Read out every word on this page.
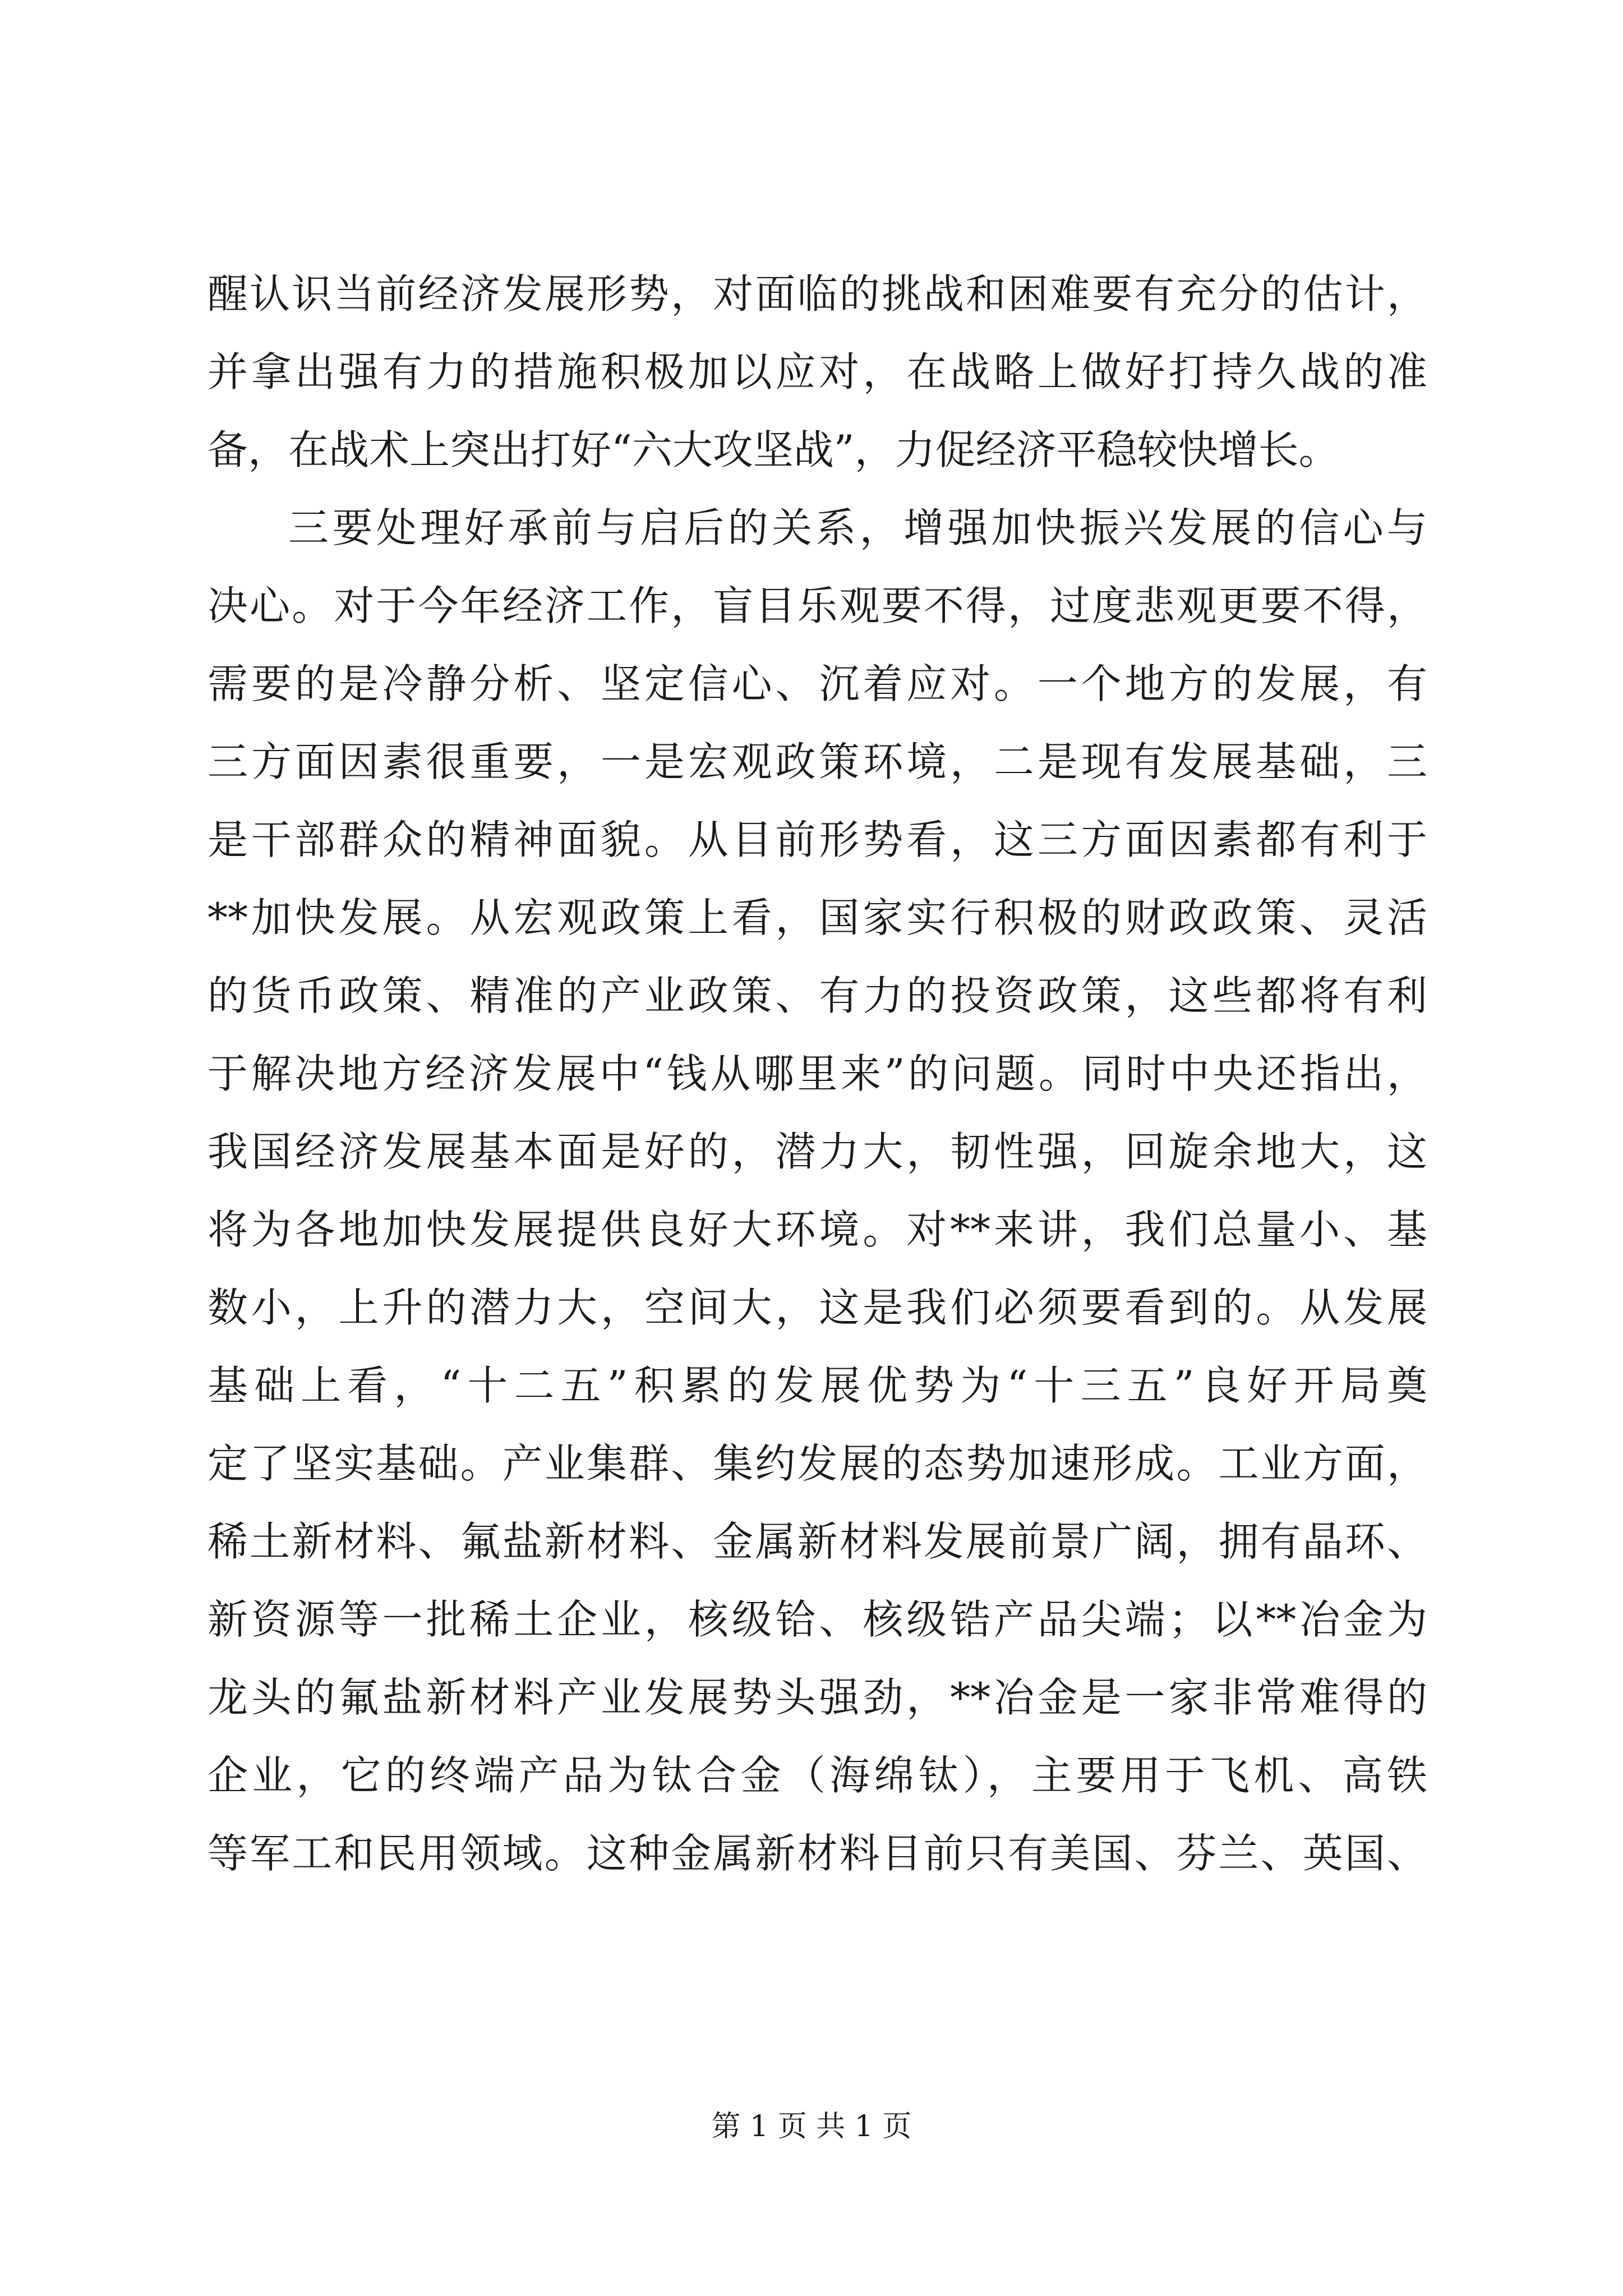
醒认识当前经济发展形势，对面临的挑战和困难要有充分的估计，
并拿出强有力的措施积极加以应对，在战略上做好打持久战的准
备，在战术上突出打好“六大攻坚战”，力促经济平稳较快增长。
三要处理好承前与启后的关系，增强加快振兴发展的信心与
决心。对于今年经济工作，盲目乐观要不得，过度悲观更要不得，
需要的是冷静分析、坚定信心、沉着应对。一个地方的发展，有
三方面因素很重要，一是宏观政策环境，二是现有发展基础，三
是干部群众的精神面貌。从目前形势看，这三方面因素都有利于
**加快发展。从宏观政策上看，国家实行积极的财政政策、灵活
的货币政策、精准的产业政策、有力的投资政策，这些都将有利
于解决地方经济发展中“钱从哪里来”的问题。同时中央还指出，
我国经济发展基本面是好的，潜力大，韧性强，回旋余地大，这
将为各地加快发展提供良好大环境。对**来讲，我们总量小、基
数小，上升的潜力大，空间大，这是我们必须要看到的。从发展
基础上看，“十二五”积累的发展优势为“十三五”良好开局奠
定了坚实基础。产业集群、集约发展的态势加速形成。工业方面，
稀土新材料、氟盐新材料、金属新材料发展前景广阔，拥有晶环、
新资源等一批稀土企业，核级铪、核级锆产品尖端；以**冶金为
龙头的氟盐新材料产业发展势头强劲，**冶金是一家非常难得的
企业，它的终端产品为钛合金（海绵钛），主要用于飞机、高铁
等军工和民用领域。这种金属新材料目前只有美国、芬兰、英国、
第 1 页 共 1 页
